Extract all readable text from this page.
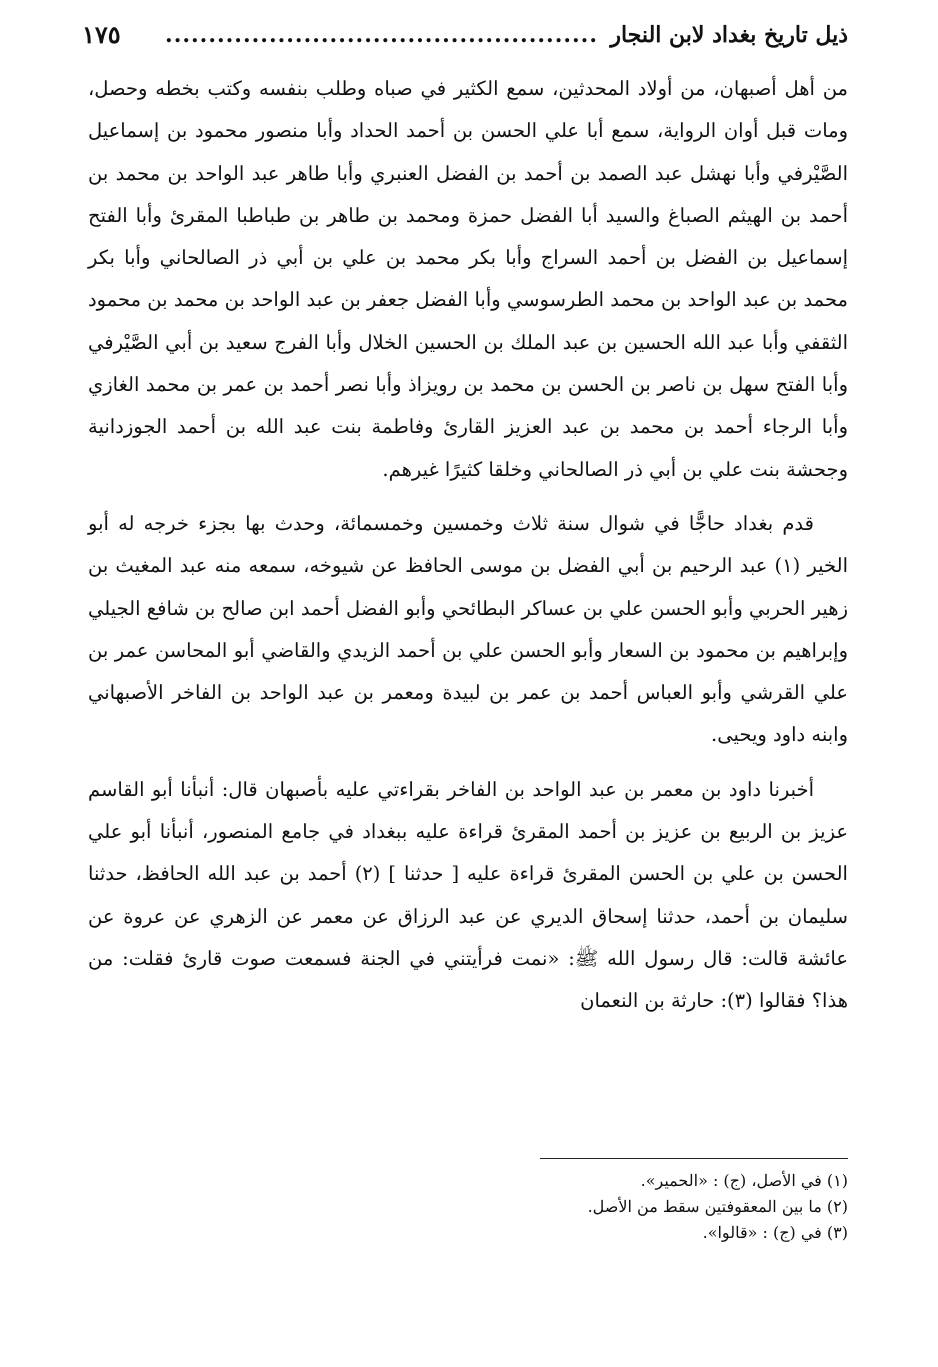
ذيل تاريخ بغداد لابن النجار
..................................................
١٧٥

من أهل أصبهان، من أولاد المحدثين، سمع الكثير في صباه وطلب بنفسه وكتب بخطه وحصل، ومات قبل أوان الرواية، سمع أبا علي الحسن بن أحمد الحداد وأبا منصور محمود بن إسماعيل الصَّيْرفي وأبا نهشل عبد الصمد بن أحمد بن الفضل العنبري وأبا طاهر عبد الواحد بن محمد بن أحمد بن الهيثم الصباغ والسيد أبا الفضل حمزة ومحمد بن طاهر بن طباطبا المقرئ وأبا الفتح إسماعيل بن الفضل بن أحمد السراج وأبا بكر محمد بن علي بن أبي ذر الصالحاني وأبا بكر محمد بن عبد الواحد بن محمد الطرسوسي وأبا الفضل جعفر بن عبد الواحد بن محمد بن محمود الثقفي وأبا عبد الله الحسين بن عبد الملك بن الحسين الخلال وأبا الفرج سعيد بن أبي الصَّيْرفي وأبا الفتح سهل بن ناصر بن الحسن بن محمد بن رويزاذ وأبا نصر أحمد بن عمر بن محمد الغازي وأبا الرجاء أحمد بن محمد بن عبد العزيز القارئ وفاطمة بنت عبد الله بن أحمد الجوزدانية وجحشة بنت علي بن أبي ذر الصالحاني وخلقا كثيرًا غيرهم.

قدم بغداد حاجًّا في شوال سنة ثلاث وخمسين وخمسمائة، وحدث بها بجزء خرجه له أبو الخير (١) عبد الرحيم بن أبي الفضل بن موسى الحافظ عن شيوخه، سمعه منه عبد المغيث بن زهير الحربي وأبو الحسن علي بن عساكر البطائحي وأبو الفضل أحمد ابن صالح بن شافع الجيلي وإبراهيم بن محمود بن السعار وأبو الحسن علي بن أحمد الزيدي والقاضي أبو المحاسن عمر بن علي القرشي وأبو العباس أحمد بن عمر بن لبيدة ومعمر بن عبد الواحد بن الفاخر الأصبهاني وابنه داود ويحيى.

أخبرنا داود بن معمر بن عبد الواحد بن الفاخر بقراءتي عليه بأصبهان قال: أنبأنا أبو القاسم عزيز بن الربيع بن عزيز بن أحمد المقرئ قراءة عليه ببغداد في جامع المنصور، أنبأنا أبو علي الحسن بن علي بن الحسن المقرئ قراءة عليه [ حدثنا ] (٢) أحمد بن عبد الله الحافظ، حدثنا سليمان بن أحمد، حدثنا إسحاق الديري عن عبد الرزاق عن معمر عن الزهري عن عروة عن عائشة قالت: قال رسول الله ﷺ: «نمت فرأيتني في الجنة فسمعت صوت قارئ فقلت: من هذا؟ فقالوا (٣): حارثة بن النعمان

(١) في الأصل، (ج) : «الحمير».

(٢) ما بين المعقوفتين سقط من الأصل.

(٣) في (ج) : «قالوا».
